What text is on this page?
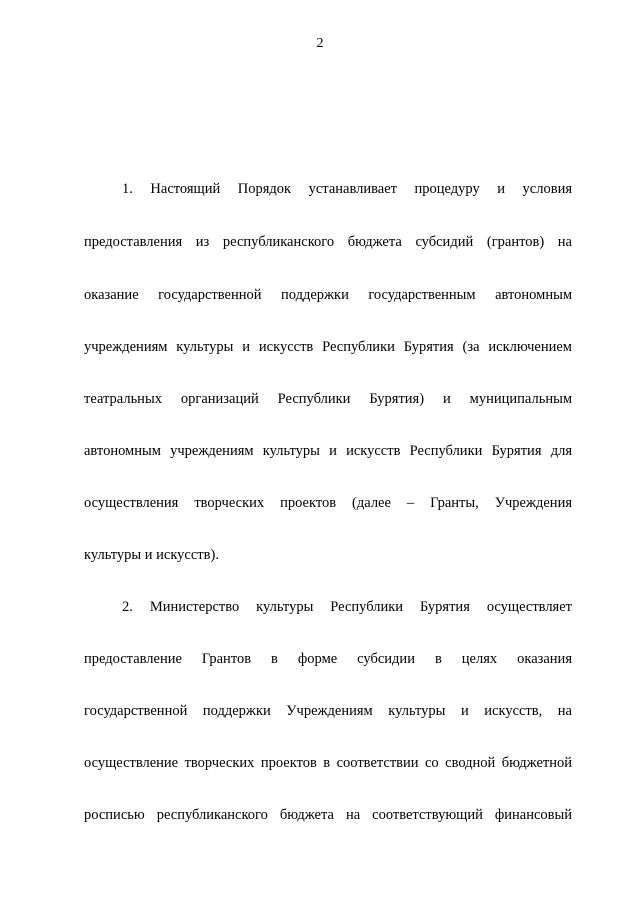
2
1. Настоящий Порядок устанавливает процедуру и условия
предоставления из республиканского бюджета субсидий (грантов) на
оказание государственной поддержки государственным автономным
учреждениям культуры и искусств Республики Бурятия (за исключением
театральных организаций Республики Бурятия) и муниципальным
автономным учреждениям культуры и искусств Республики Бурятия для
осуществления творческих проектов (далее – Гранты, Учреждения
культуры и искусств).
2. Министерство культуры Республики Бурятия осуществляет
предоставление Грантов в форме субсидии в целях оказания
государственной поддержки Учреждениям культуры и искусств, на
осуществление творческих проектов в соответствии со сводной бюджетной
росписью республиканского бюджета на соответствующий финансовый
